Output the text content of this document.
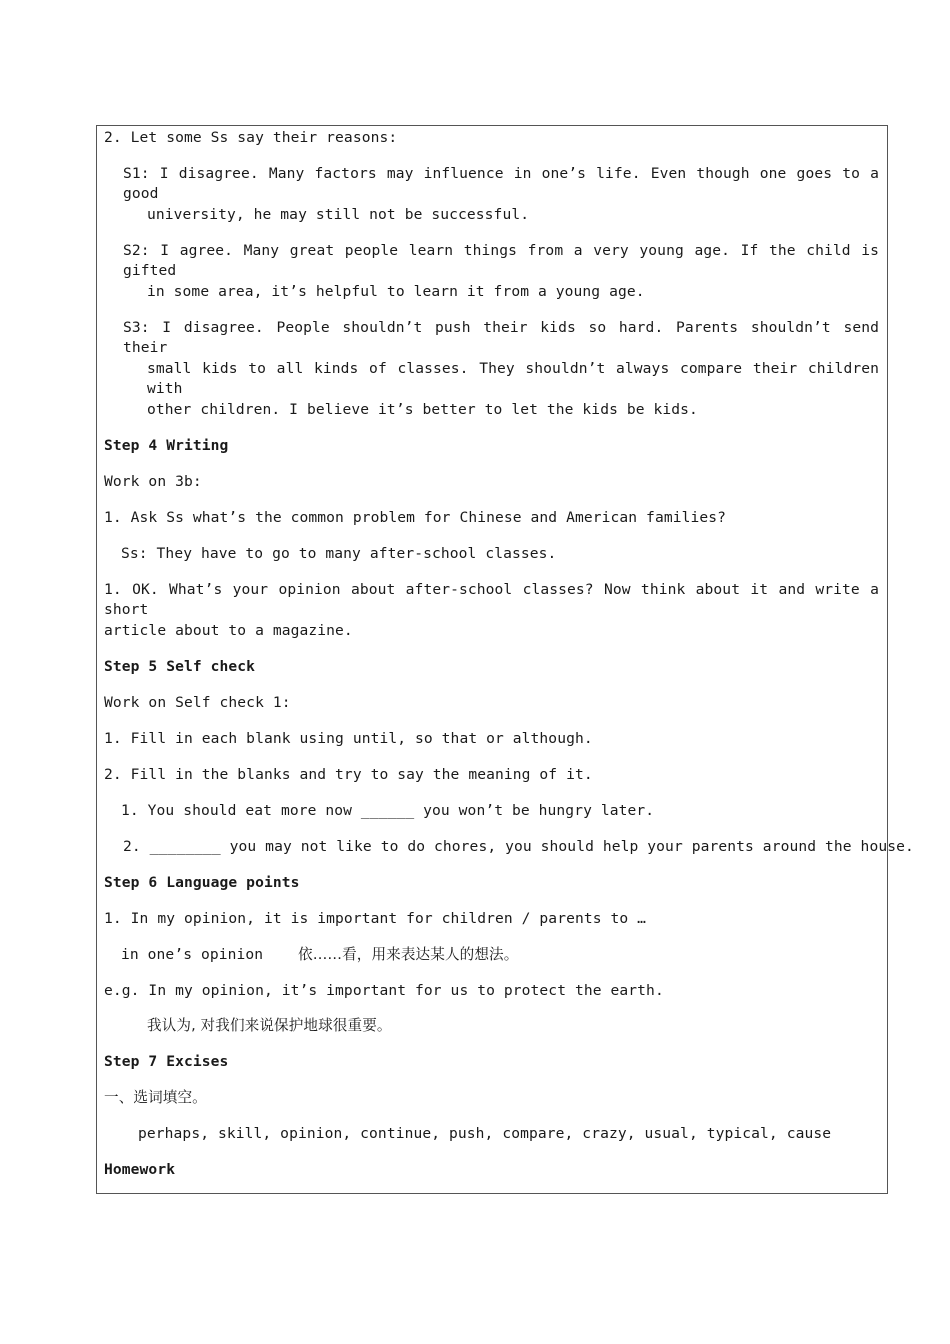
2. Let some Ss say their reasons:
S1: I disagree. Many factors may influence in one’s life. Even though one goes to a good
university, he may still not be successful.
S2: I agree. Many great people learn things from a very young age. If the child is gifted
in some area, it’s helpful to learn it from a young age.
S3: I disagree. People shouldn’t push their kids so hard. Parents shouldn’t send their
small kids to all kinds of classes. They shouldn’t always compare their children with
other children. I believe it’s better to let the kids be kids.
Step 4 Writing
Work on 3b:
1. Ask Ss what’s the common problem for Chinese and American families?
Ss: They have to go to many after-school classes.
1. OK. What’s your opinion about after-school classes? Now think about it and write a short
article about to a magazine.
Step 5 Self check
Work on Self check 1:
1. Fill in each blank using until, so that or although.
2. Fill in the blanks and try to say the meaning of it.
1. You should eat more now ______ you won’t be hungry later.
2. ________ you may not like to do chores, you should help your parents around the house.
Step 6 Language points
1. In my opinion, it is important for children / parents to …
in one’s opinion 依……看，用来表达某人的想法。
e.g. In my opinion, it’s important for us to protect the earth.
我认为, 对我们来说保护地球很重要。
Step 7 Excises
一、选词填空。
perhaps, skill, opinion, continue, push, compare, crazy, usual, typical, cause
Homework
